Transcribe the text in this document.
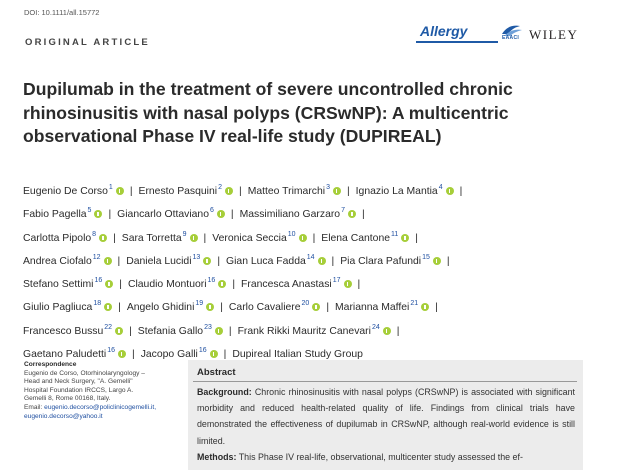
DOI: 10.1111/all.15772
ORIGINAL ARTICLE
Allergy	EAACI WILEY
Dupilumab in the treatment of severe uncontrolled chronic
rhinosinusitis with nasal polyps (CRSwNP): A multicentric
observational Phase IV real-life study (DUPIREAL)
Eugenio De Corso$^1$ | Ernesto Pasquini$^2$ | Matteo Trimarchi$^3$ | Ignazio La Mantia$^4$ |
Fabio Pagella$^5$ | Giancarlo Ottaviano$^6$ | Massimiliano Garzaro$^7$ |
Carlotta Pipolo$^8$ | Sara Torretta$^9$ | Veronica Seccia$^{10}$ | Elena Cantone$^{11}$ |
Andrea Ciofalo$^{12}$ | Daniela Lucidi$^{13}$ | Gian Luca Fadda$^{14}$ | Pia Clara Pafundi$^{15}$ |
Stefano Settimi$^{16}$ | Claudio Montuori$^{16}$ | Francesca Anastasi$^{17}$ |
Giulio Pagliuca$^{18}$ | Angelo Ghidini$^{19}$ | Carlo Cavaliere$^{20}$ | Marianna Maffei$^{21}$ |
Francesco Bussu$^{22}$ | Stefania Gallo$^{23}$ | Frank Rikki Mauritz Canevari$^{24}$ |
Gaetano Paludetti$^{16}$ | Jacopo Galli$^{16}$ | Dupireal Italian Study Group
Correspondence
Eugenio de Corso, Otorhinolaryngology –
Head and Neck Surgery, "A. Gemelli"
Hospital Foundation IRCCS, Largo A.
Gemelli 8, Rome 00168, Italy.
Email: eugenio.decorso@policlinicogemelli.it,
eugenio.decorso@yahoo.it
Abstract
Background: Chronic rhinosinusitis with nasal polyps (CRSwNP) is associated with significant morbidity and reduced health-related quality of life. Findings from clinical trials have demonstrated the effectiveness of dupilumab in CRSwNP, although real-world evidence is still limited.
Methods: This Phase IV real-life, observational, multicenter study assessed the ef-
